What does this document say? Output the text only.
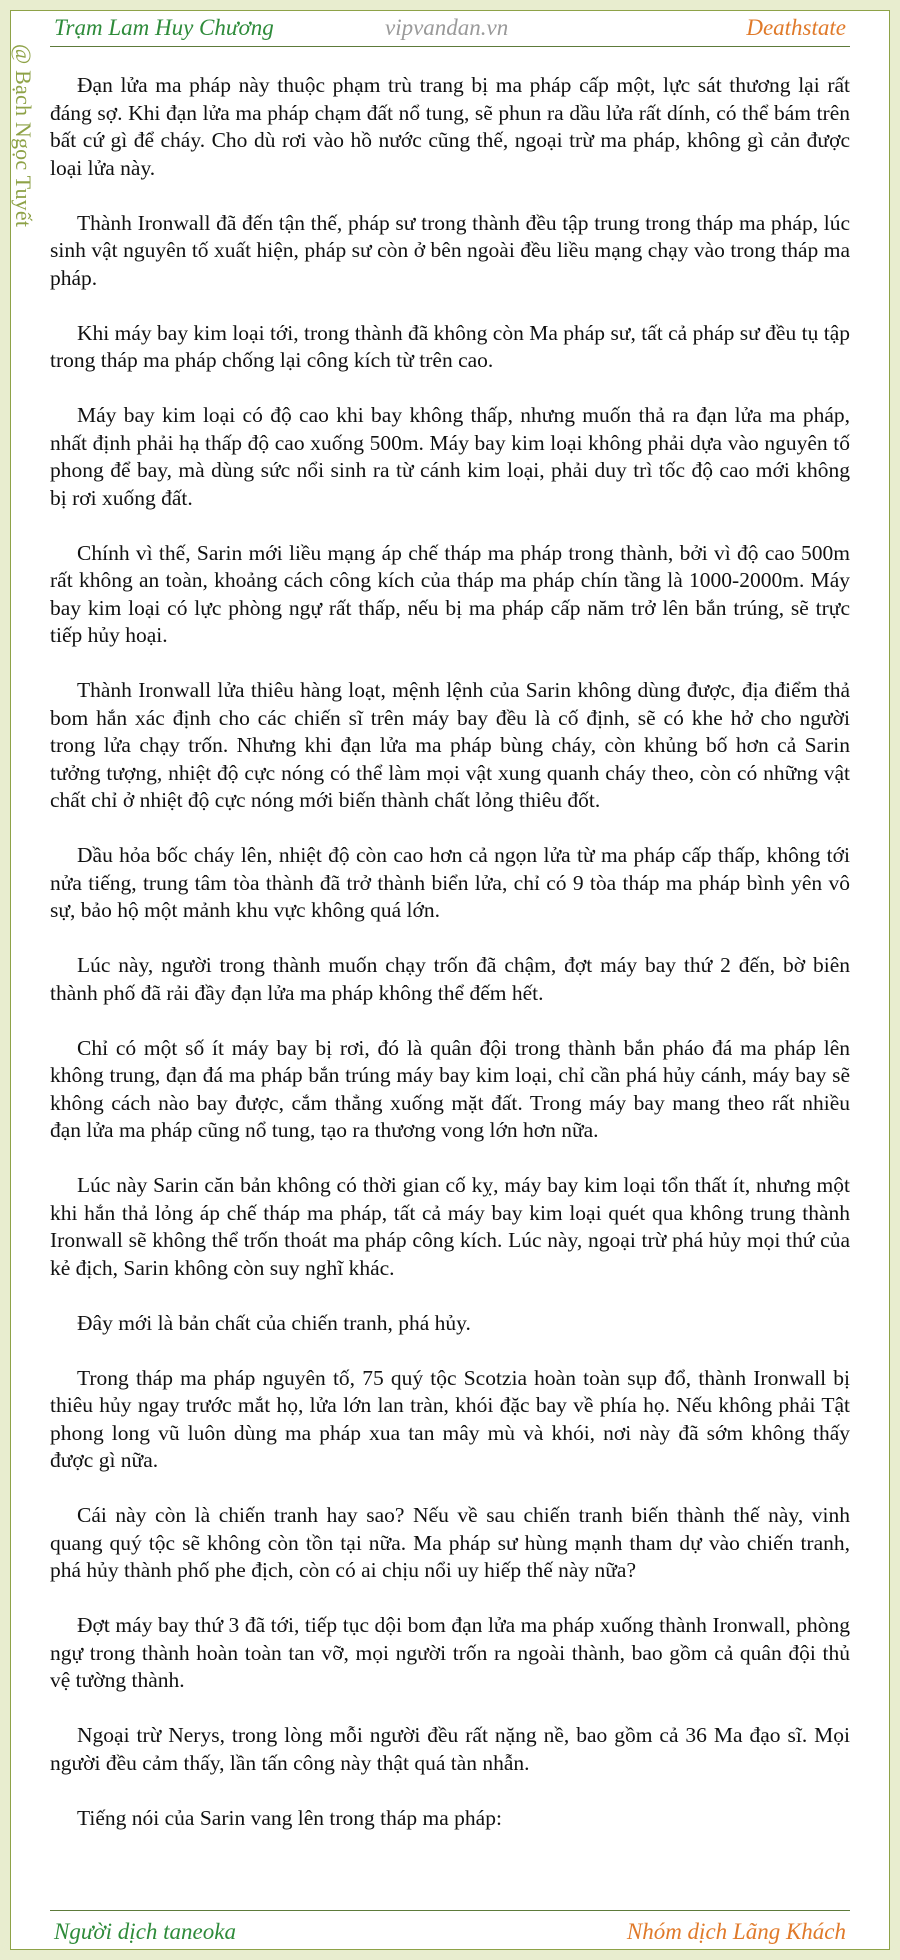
Trạm Lam Huy Chương	vipvandan.vn	Deathstate
@ Bạch Ngọc Tuyết	Đạn lửa ma pháp này thuộc phạm trù trang bị ma pháp cấp một, lực sát thương lại rất đáng sợ. Khi đạn lửa ma pháp chạm đất nổ tung, sẽ phun ra dầu lửa rất dính, có thể bám trên bất cứ gì để cháy. Cho dù rơi vào hồ nước cũng thế, ngoại trừ ma pháp, không gì cản được loại lửa này.

Thành Ironwall đã đến tận thế, pháp sư trong thành đều tập trung trong tháp ma pháp, lúc sinh vật nguyên tố xuất hiện, pháp sư còn ở bên ngoài đều liều mạng chạy vào trong tháp ma pháp.

Khi máy bay kim loại tới, trong thành đã không còn Ma pháp sư, tất cả pháp sư đều tụ tập trong tháp ma pháp chống lại công kích từ trên cao.

Máy bay kim loại có độ cao khi bay không thấp, nhưng muốn thả ra đạn lửa ma pháp, nhất định phải hạ thấp độ cao xuống 500m. Máy bay kim loại không phải dựa vào nguyên tố phong để bay, mà dùng sức nổi sinh ra từ cánh kim loại, phải duy trì tốc độ cao mới không bị rơi xuống đất.

Chính vì thế, Sarin mới liều mạng áp chế tháp ma pháp trong thành, bởi vì độ cao 500m rất không an toàn, khoảng cách công kích của tháp ma pháp chín tầng là 1000-2000m. Máy bay kim loại có lực phòng ngự rất thấp, nếu bị ma pháp cấp năm trở lên bắn trúng, sẽ trực tiếp hủy hoại.

Thành Ironwall lửa thiêu hàng loạt, mệnh lệnh của Sarin không dùng được, địa điểm thả bom hắn xác định cho các chiến sĩ trên máy bay đều là cố định, sẽ có khe hở cho người trong lửa chạy trốn. Nhưng khi đạn lửa ma pháp bùng cháy, còn khủng bố hơn cả Sarin tưởng tượng, nhiệt độ cực nóng có thể làm mọi vật xung quanh cháy theo, còn có những vật chất chỉ ở nhiệt độ cực nóng mới biến thành chất lỏng thiêu đốt.

Dầu hỏa bốc cháy lên, nhiệt độ còn cao hơn cả ngọn lửa từ ma pháp cấp thấp, không tới nửa tiếng, trung tâm tòa thành đã trở thành biển lửa, chỉ có 9 tòa tháp ma pháp bình yên vô sự, bảo hộ một mảnh khu vực không quá lớn.

Lúc này, người trong thành muốn chạy trốn đã chậm, đợt máy bay thứ 2 đến, bờ biên thành phố đã rải đầy đạn lửa ma pháp không thể đếm hết.

Chỉ có một số ít máy bay bị rơi, đó là quân đội trong thành bắn pháo đá ma pháp lên không trung, đạn đá ma pháp bắn trúng máy bay kim loại, chỉ cần phá hủy cánh, máy bay sẽ không cách nào bay được, cắm thẳng xuống mặt đất. Trong máy bay mang theo rất nhiều đạn lửa ma pháp cũng nổ tung, tạo ra thương vong lớn hơn nữa.

Lúc này Sarin căn bản không có thời gian cố kỵ, máy bay kim loại tổn thất ít, nhưng một khi hắn thả lỏng áp chế tháp ma pháp, tất cả máy bay kim loại quét qua không trung thành Ironwall sẽ không thể trốn thoát ma pháp công kích. Lúc này, ngoại trừ phá hủy mọi thứ của kẻ địch, Sarin không còn suy nghĩ khác.

Đây mới là bản chất của chiến tranh, phá hủy.

Trong tháp ma pháp nguyên tố, 75 quý tộc Scotzia hoàn toàn sụp đổ, thành Ironwall bị thiêu hủy ngay trước mắt họ, lửa lớn lan tràn, khói đặc bay về phía họ. Nếu không phải Tật phong long vũ luôn dùng ma pháp xua tan mây mù và khói, nơi này đã sớm không thấy được gì nữa.

Cái này còn là chiến tranh hay sao? Nếu về sau chiến tranh biến thành thế này, vinh quang quý tộc sẽ không còn tồn tại nữa. Ma pháp sư hùng mạnh tham dự vào chiến tranh, phá hủy thành phố phe địch, còn có ai chịu nổi uy hiếp thế này nữa?

Đợt máy bay thứ 3 đã tới, tiếp tục dội bom đạn lửa ma pháp xuống thành Ironwall, phòng ngự trong thành hoàn toàn tan vỡ, mọi người trốn ra ngoài thành, bao gồm cả quân đội thủ vệ tường thành.

Ngoại trừ Nerys, trong lòng mỗi người đều rất nặng nề, bao gồm cả 36 Ma đạo sĩ. Mọi người đều cảm thấy, lần tấn công này thật quá tàn nhẫn.

Tiếng nói của Sarin vang lên trong tháp ma pháp:

Người dịch taneoka	Nhóm dịch Lãng Khách
